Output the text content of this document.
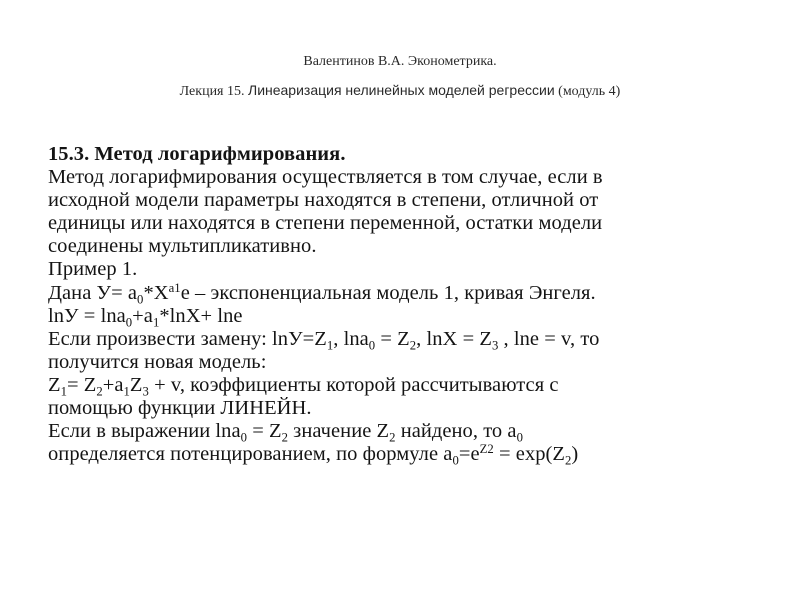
Валентинов В.А. Эконометрика.
Лекция 15. Линеаризация нелинейных моделей регрессии (модуль 4)
15.3. Метод логарифмирования.
Метод логарифмирования осуществляется в том случае, если в
исходной модели параметры находятся в степени, отличной от
единицы или находятся в степени переменной, остатки модели
соединены мультипликативно.
Пример 1.
Дана $У= а_0*Х^{а1}е$ – экспоненциальная модель 1, кривая Энгеля.
$\ln У = \ln а_0+а_1*\ln Х+ \ln е$
Если произвести замену: $\ln У=Z_1$, $\ln а_0 = Z_2$, $\ln Х = Z_3$ , lnе = v, то
получится новая модель:
$Z_1= Z_2+a_1Z_3 + v$, коэффициенты которой рассчитываются с
помощью функции ЛИНЕЙН.
Если в выражении $\ln а_0 = Z_2$ значение $Z_2$ найдено, то $а_0$
определяется потенцированием, по формуле $а_0=е^{Z2} = \exp(Z_2)$
